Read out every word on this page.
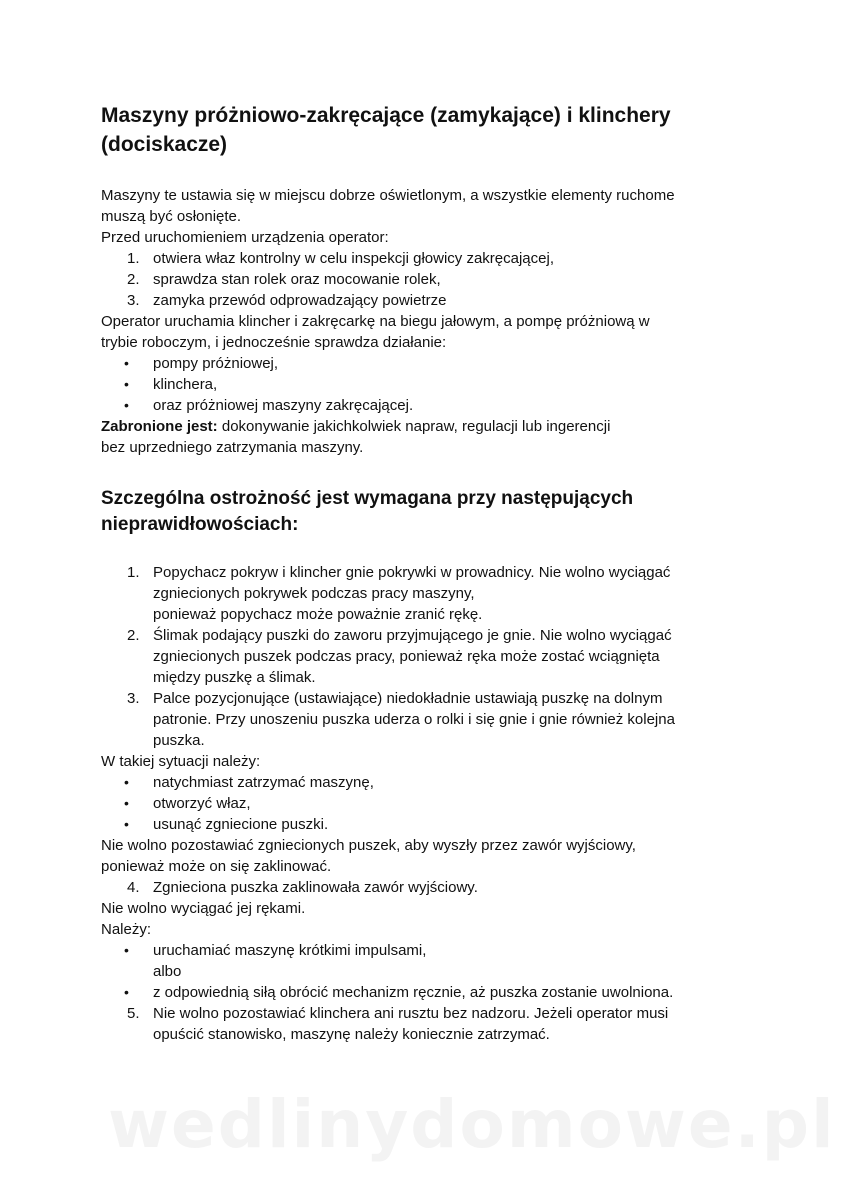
Maszyny próżniowo-zakręcające (zamykające) i klinchery (dociskacze)

Maszyny te ustawia się w miejscu dobrze oświetlonym, a wszystkie elementy ruchome

muszą być osłonięte.

Przed uruchomieniem urządzenia operator:

1. otwiera właz kontrolny w celu inspekcji głowicy zakręcającej,
2. sprawdza stan rolek oraz mocowanie rolek,
3. zamyka przewód odprowadzający powietrze

Operator uruchamia klincher i zakręcarkę na biegu jałowym, a pompę próżniową w

trybie roboczym, i jednocześnie sprawdza działanie:

•	pompy próżniowej,
•	klinchera,
•	oraz próżniowej maszyny zakręcającej.

Zabronione jest: dokonywanie jakichkolwiek napraw, regulacji lub ingerencji

bez uprzedniego zatrzymania maszyny.

Szczególna ostrożność jest wymagana przy następujących nieprawidłowościach:
1. Popychacz pokryw i klincher gnie pokrywki w prowadnicy. Nie wolno wyciągać
zgniecionych pokrywek podczas pracy maszyny,
ponieważ popychacz może poważnie zranić rękę.
2. Ślimak podający puszki do zaworu przyjmującego je gnie. Nie wolno wyciągać
zgniecionych puszek podczas pracy, ponieważ ręka może zostać wciągnięta
między puszkę a ślimak.
3. Palce pozycjonujące (ustawiające) niedokładnie ustawiają puszkę na dolnym
patronie. Przy unoszeniu puszka uderza o rolki i się gnie i gnie również kolejna
puszka.

W takiej sytuacji należy:

•	natychmiast zatrzymać maszynę,
•	otworzyć właz,
•	usunąć zgniecione puszki.

Nie wolno pozostawiać zgniecionych puszek, aby wyszły przez zawór wyjściowy,

ponieważ może on się zaklinować.

4. Zgnieciona puszka zaklinowała zawór wyjściowy.

Nie wolno wyciągać jej rękami.

Należy:

•	uruchamiać maszynę krótkimi impulsami,
albo
•	z odpowiednią siłą obrócić mechanizm ręcznie, aż puszka zostanie uwolniona.
5. Nie wolno pozostawiać klinchera ani rusztu bez nadzoru. Jeżeli operator musi
opuścić stanowisko, maszynę należy koniecznie zatrzymać.
wedlinydomowe.pl
